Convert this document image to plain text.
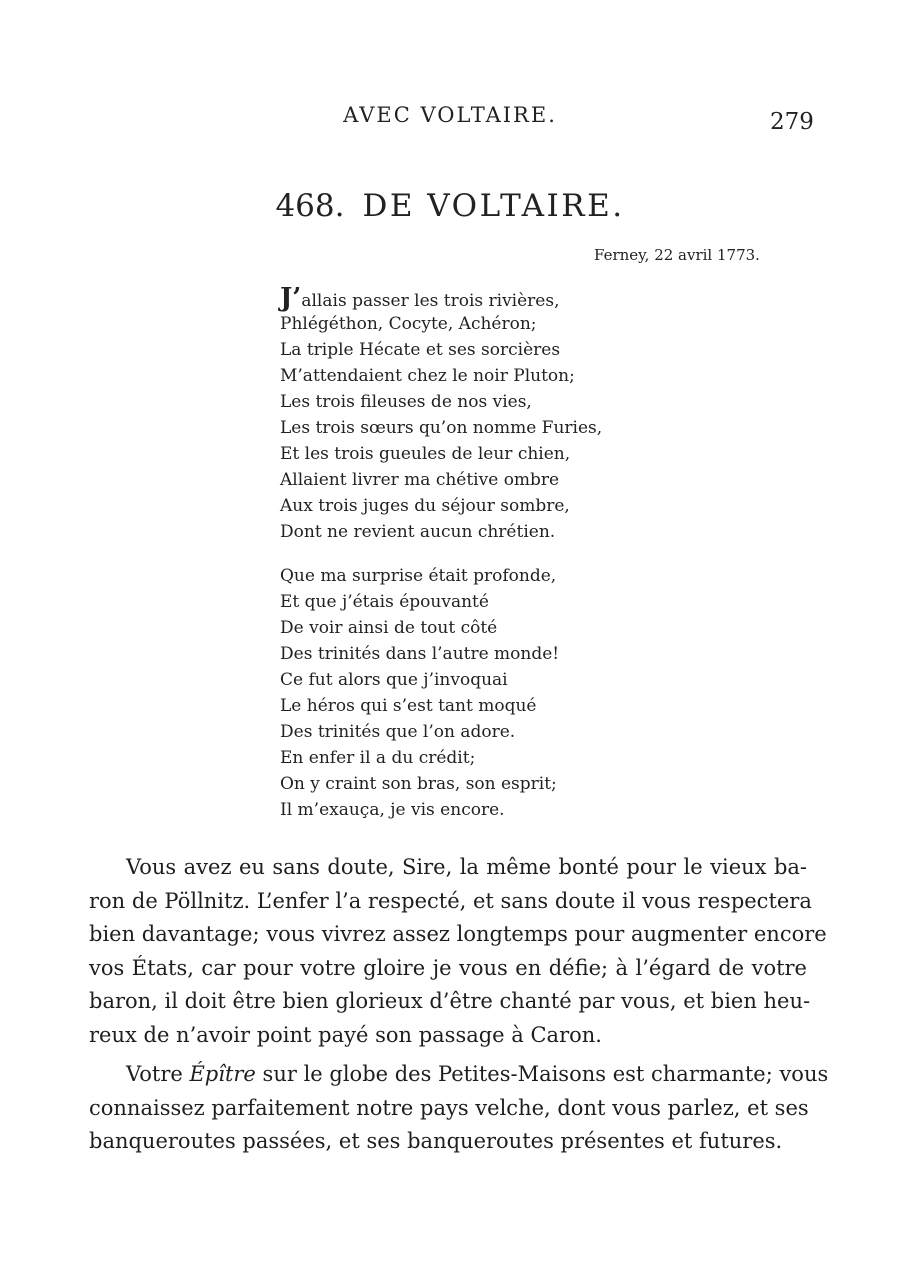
AVEC VOLTAIRE.	279
468. DE VOLTAIRE.
Ferney, 22 avril 1773.
J’allais passer les trois rivières,
Phlégéthon, Cocyte, Achéron;
La triple Hécate et ses sorcières
M’attendaient chez le noir Pluton;
Les trois fileuses de nos vies,
Les trois sœurs qu’on nomme Furies,
Et les trois gueules de leur chien,
Allaient livrer ma chétive ombre
Aux trois juges du séjour sombre,
Dont ne revient aucun chrétien.
Que ma surprise était profonde,
Et que j’étais épouvanté
De voir ainsi de tout côté
Des trinités dans l’autre monde!
Ce fut alors que j’invoquai
Le héros qui s’est tant moqué
Des trinités que l’on adore.
En enfer il a du crédit;
On y craint son bras, son esprit;
Il m’exauça, je vis encore.

Vous avez eu sans doute, Sire, la même bonté pour le vieux ba-
ron de Pöllnitz. L’enfer l’a respecté, et sans doute il vous respectera
bien davantage; vous vivrez assez longtemps pour augmenter encore
vos États, car pour votre gloire je vous en défie; à l’égard de votre
baron, il doit être bien glorieux d’être chanté par vous, et bien heu-
reux de n’avoir point payé son passage à Caron.

Votre Épître sur le globe des Petites-Maisons est charmante; vous
connaissez parfaitement notre pays velche, dont vous parlez, et ses
banqueroutes passées, et ses banqueroutes présentes et futures.
